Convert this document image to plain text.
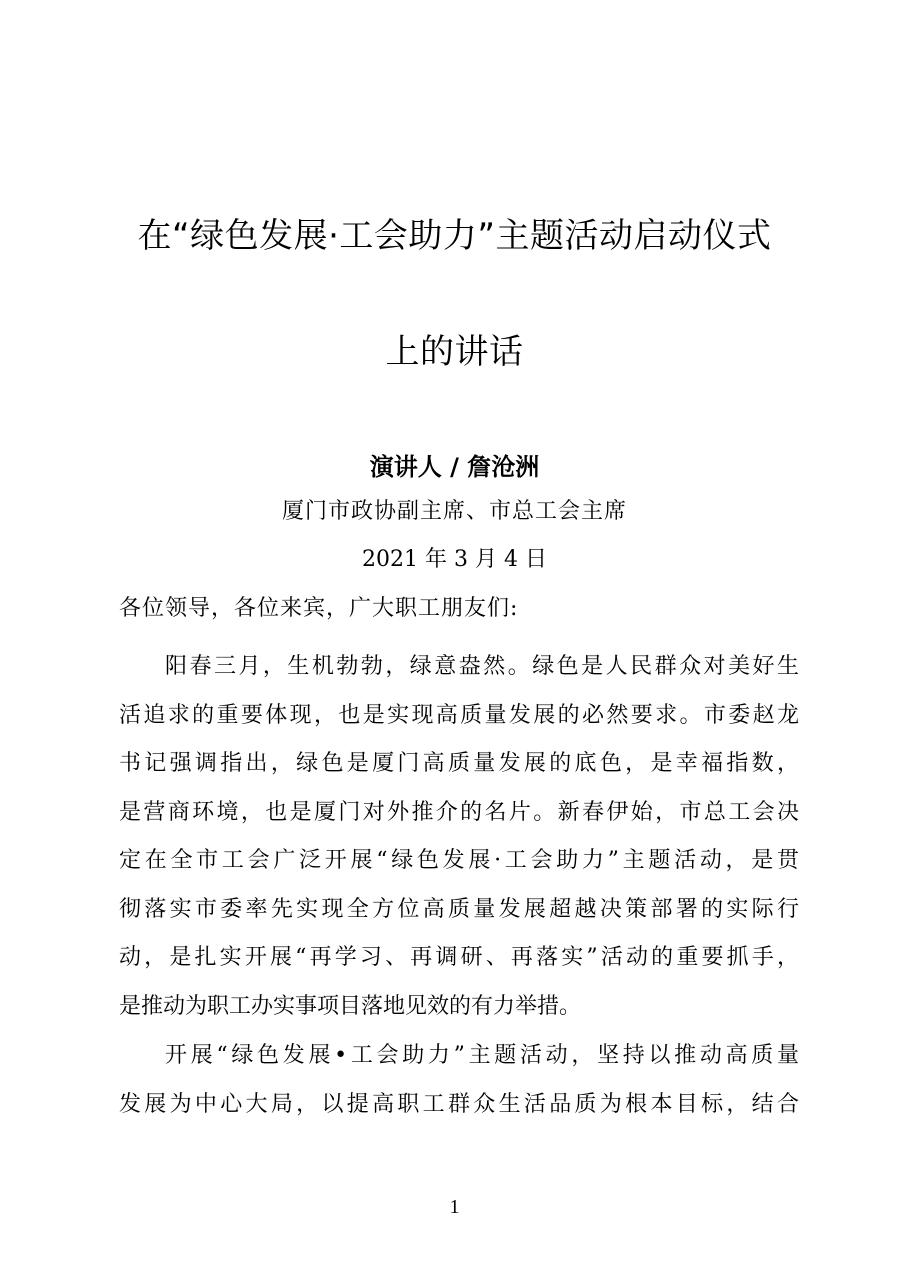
在“绿色发展·工会助力”主题活动启动仪式
上的讲话
演讲人 / 詹沧洲
厦门市政协副主席、市总工会主席
2021 年 3 月 4 日
各位领导，各位来宾，广大职工朋友们:
阳春三月，生机勃勃，绿意盎然。绿色是人民群众对美好生
活追求的重要体现，也是实现高质量发展的必然要求。市委赵龙
书记强调指出，绿色是厦门高质量发展的底色，是幸福指数，
是营商环境，也是厦门对外推介的名片。新春伊始，市总工会决
定在全市工会广泛开展“绿色发展·工会助力”主题活动，是贯
彻落实市委率先实现全方位高质量发展超越决策部署的实际行
动，是扎实开展“再学习、再调研、再落实”活动的重要抓手，
是推动为职工办实事项目落地见效的有力举措。
开展“绿色发展•工会助力”主题活动，坚持以推动高质量
发展为中心大局，以提高职工群众生活品质为根本目标，结合
1
